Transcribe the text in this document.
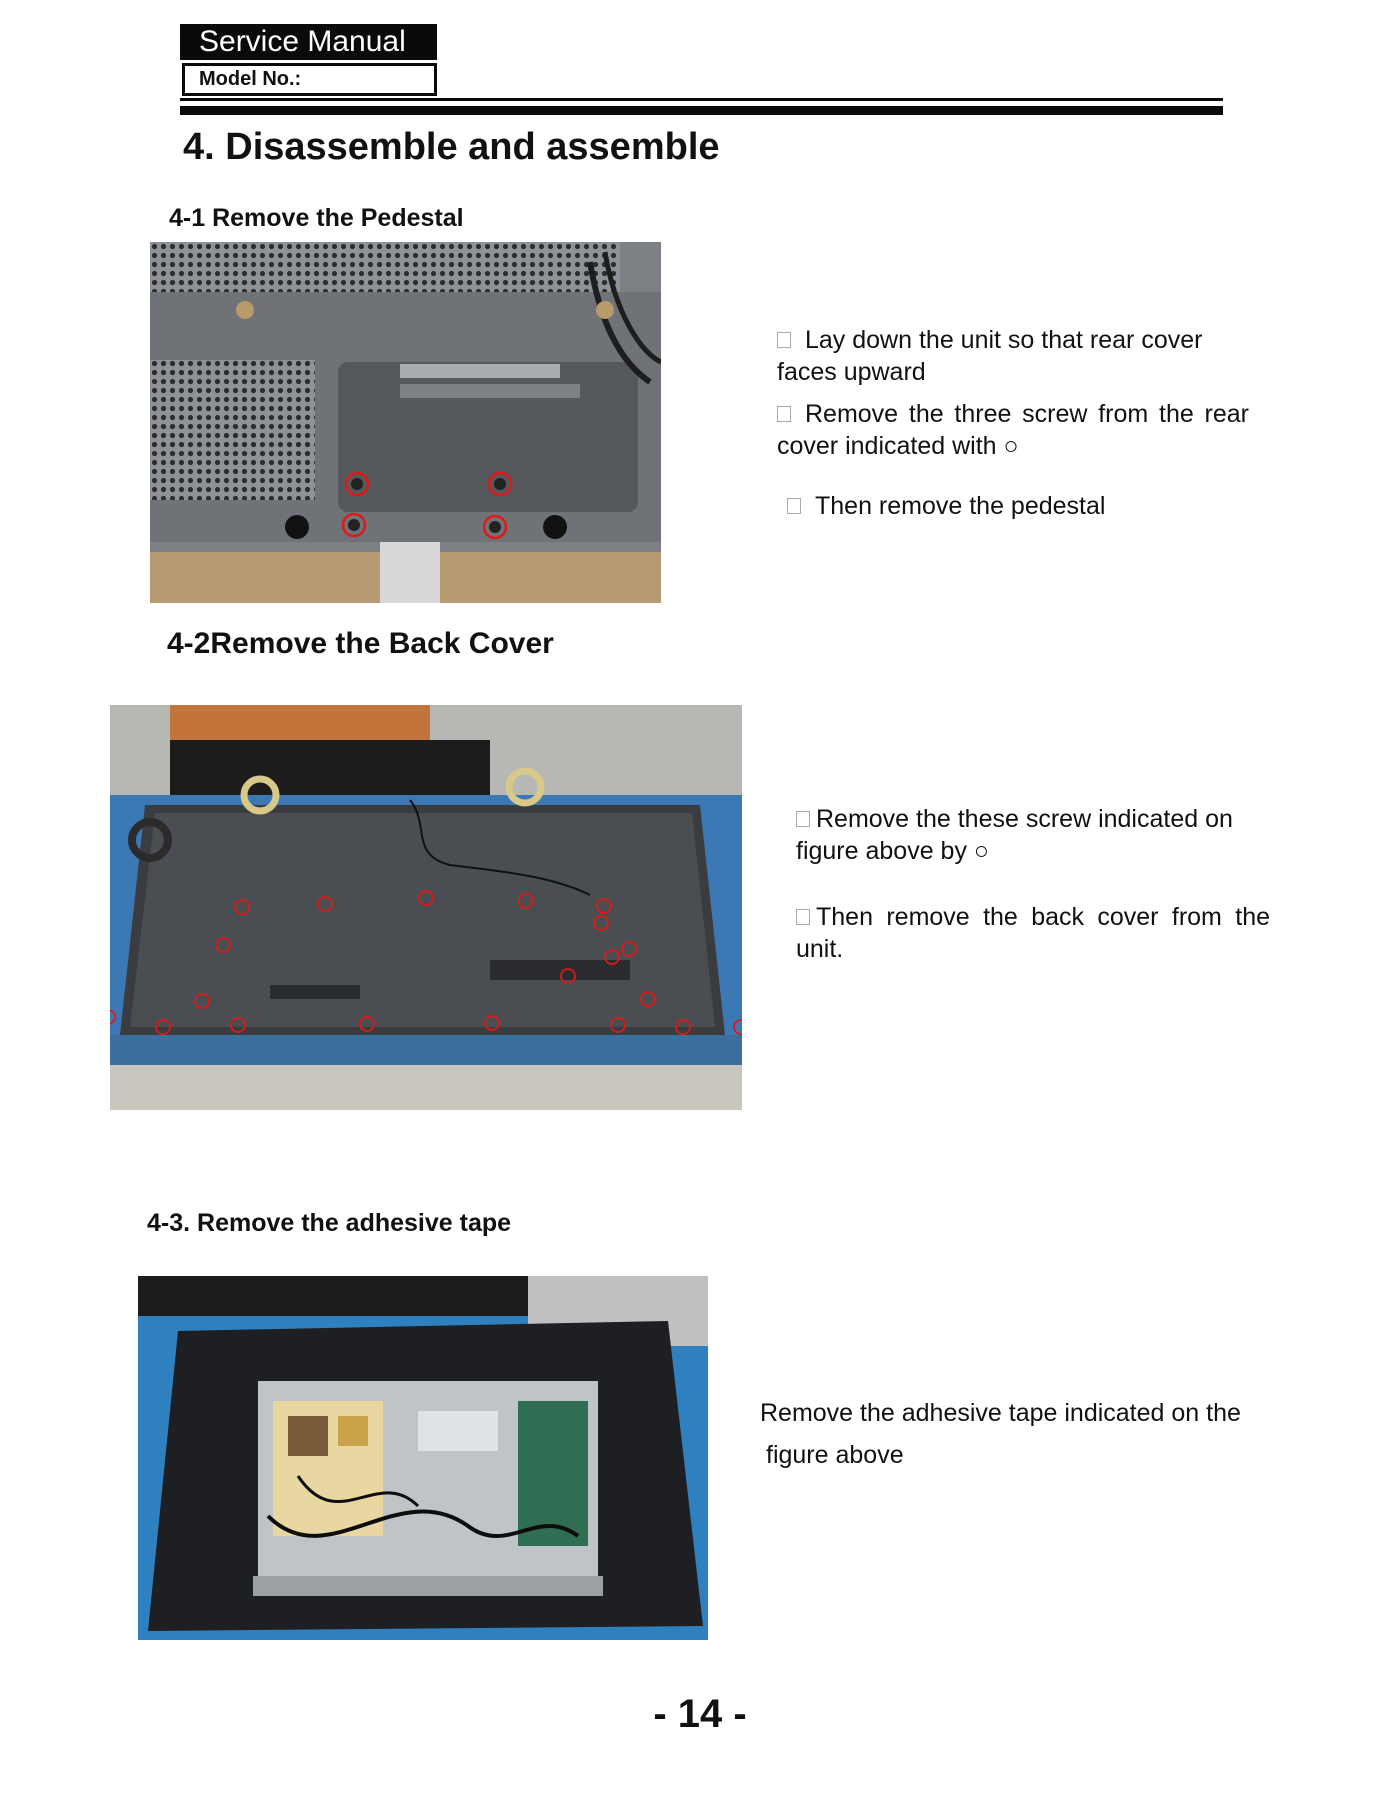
Service Manual
Model No.:
4. Disassemble and assemble
4-1 Remove the Pedestal

Lay down the unit so that rear cover faces upward

Remove the three screw from the rear cover indicated with ○

Then remove the pedestal

4-2Remove the Back Cover

Remove the these screw indicated on figure above by ○

Then remove the back cover from the unit.

4-3. Remove the adhesive tape

Remove the adhesive tape indicated on the

figure above

- 14 -
